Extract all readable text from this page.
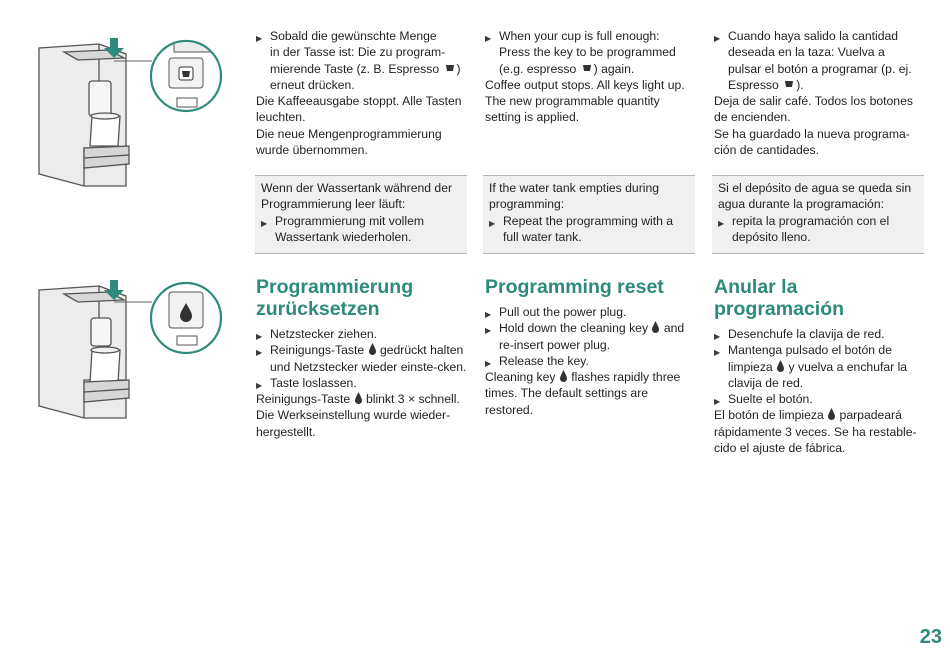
▶ Sobald die gewünschte Menge
in der Tasse ist: Die zu program-
mierende Taste (z. B. Espresso )
erneut drücken.

Die Kaffeeausgabe stoppt. Alle Tasten leuchten.

Die neue Mengenprogrammierung wurde übernommen.

▶ When your cup is full enough:
Press the key to be programmed
(e.g. espresso ) again.

Coffee output stops. All keys light up.

The new programmable quantity setting is applied.

▶ Cuando haya salido la cantidad
deseada en la taza: Vuelva a
pulsar el botón a programar (p. ej.
Espresso ).

Deja de salir café. Todos los botones de encienden.

Se ha guardado la nueva programa-ción de cantidades.

Wenn der Wassertank während der Programmierung leer läuft:

▶ Programmierung mit vollem Wassertank wiederholen.

If the water tank empties during programming:

▶ Repeat the programming with a full water tank.

Si el depósito de agua se queda sin agua durante la programación:

▶ repita la programación con el depósito lleno.
Programmierung zurücksetzen
▶ Netzstecker ziehen.
▶ Reinigungs-Taste gedrückt halten und Netzstecker wieder einste-cken.
▶ Taste loslassen.

Reinigungs-Taste blinkt 3 × schnell. Die Werkseinstellung wurde wieder-hergestellt.

Programming reset
▶ Pull out the power plug.
▶ Hold down the cleaning key and re-insert power plug.
▶ Release the key.

Cleaning key flashes rapidly three times. The default settings are restored.

Anular la programación
▶ Desenchufe la clavija de red.
▶ Mantenga pulsado el botón de limpieza y vuelva a enchufar la clavija de red.
▶ Suelte el botón.

El botón de limpieza parpadeará rápidamente 3 veces. Se ha restable-cido el ajuste de fábrica.

23
